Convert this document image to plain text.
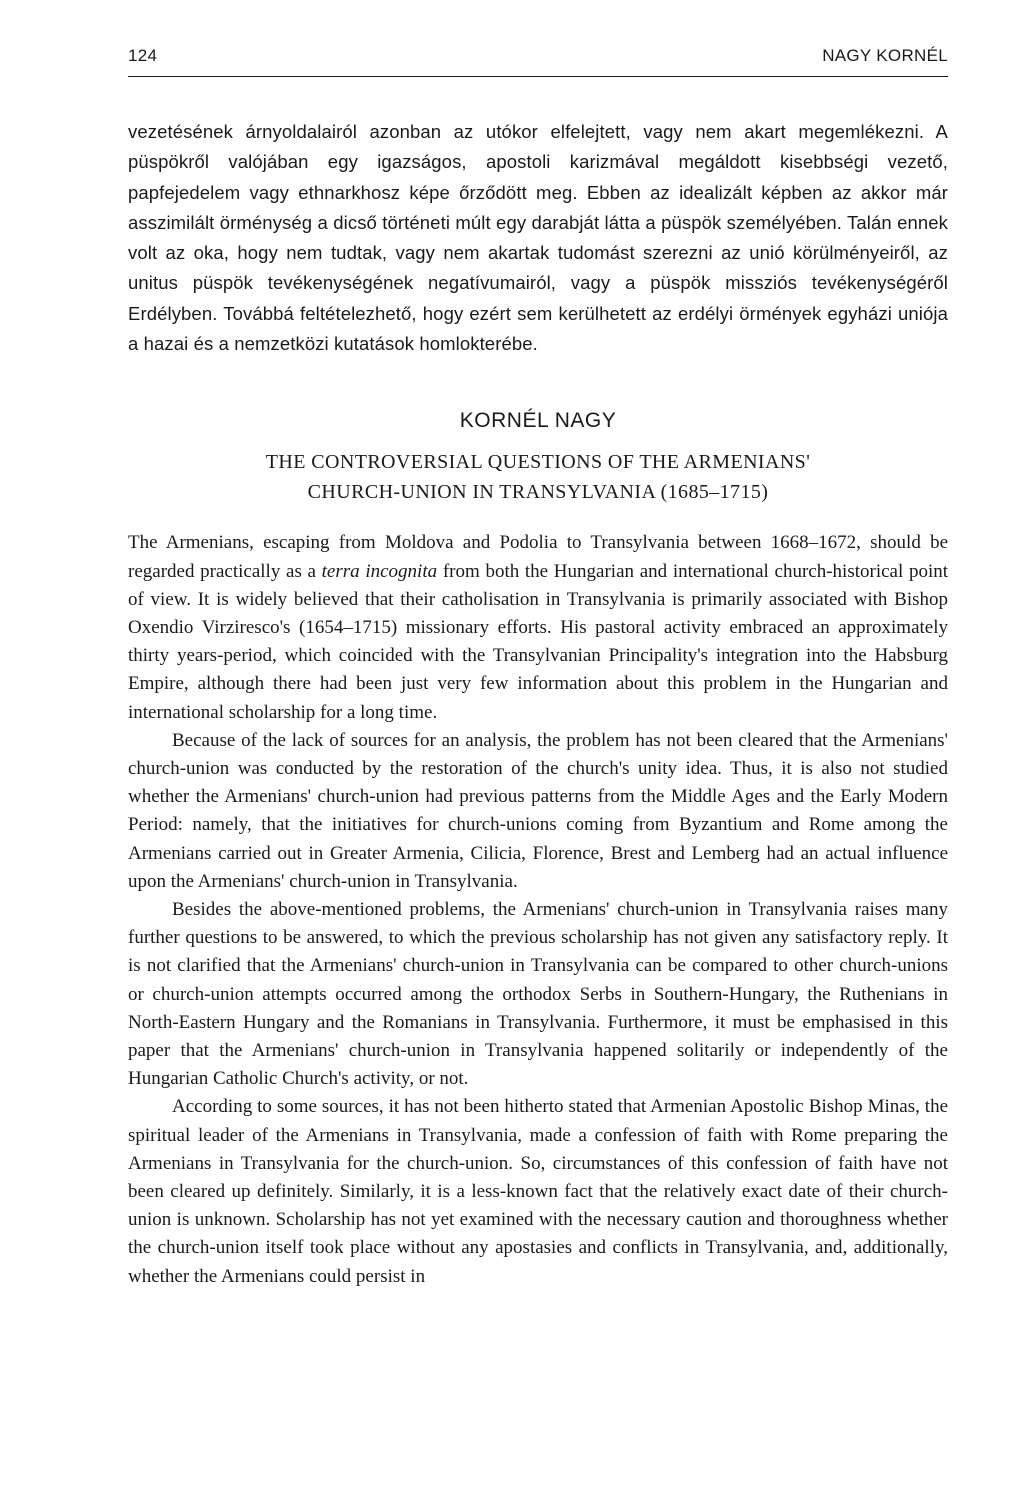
124	NAGY KORNÉL

vezetésének árnyoldalairól azonban az utókor elfelejtett, vagy nem akart megemlékezni. A püspökről valójában egy igazságos, apostoli karizmával megáldott kisebbségi vezető, papfejedelem vagy ethnarkhosz képe őrződött meg. Ebben az idealizált képben az akkor már asszimilált örménység a dicső történeti múlt egy darabját látta a püspök személyében. Talán ennek volt az oka, hogy nem tudtak, vagy nem akartak tudomást szerezni az unió körülményeiről, az unitus püspök tevékenységének negatívumairól, vagy a püspök missziós tevékenységéről Erdélyben. Továbbá feltételezhető, hogy ezért sem kerülhetett az erdélyi örmények egyházi uniója a hazai és a nemzetközi kutatások homlokterébe.

KORNÉL NAGY
THE CONTROVERSIAL QUESTIONS OF THE ARMENIANS'
CHURCH-UNION IN TRANSYLVANIA (1685–1715)

The Armenians, escaping from Moldova and Podolia to Transylvania between 1668–1672, should be regarded practically as a terra incognita from both the Hungarian and international church-historical point of view. It is widely believed that their catholisation in Transylvania is primarily associated with Bishop Oxendio Virziresco's (1654–1715) missionary efforts. His pastoral activity embraced an approximately thirty years-period, which coincided with the Transylvanian Principality's integration into the Habsburg Empire, although there had been just very few information about this problem in the Hungarian and international scholarship for a long time.

Because of the lack of sources for an analysis, the problem has not been cleared that the Armenians' church-union was conducted by the restoration of the church's unity idea. Thus, it is also not studied whether the Armenians' church-union had previous patterns from the Middle Ages and the Early Modern Period: namely, that the initiatives for church-unions coming from Byzantium and Rome among the Armenians carried out in Greater Armenia, Cilicia, Florence, Brest and Lemberg had an actual influence upon the Armenians' church-union in Transylvania.

Besides the above-mentioned problems, the Armenians' church-union in Transylvania raises many further questions to be answered, to which the previous scholarship has not given any satisfactory reply. It is not clarified that the Armenians' church-union in Transylvania can be compared to other church-unions or church-union attempts occurred among the orthodox Serbs in Southern-Hungary, the Ruthenians in North-Eastern Hungary and the Romanians in Transylvania. Furthermore, it must be emphasised in this paper that the Armenians' church-union in Transylvania happened solitarily or independently of the Hungarian Catholic Church's activity, or not.

According to some sources, it has not been hitherto stated that Armenian Apostolic Bishop Minas, the spiritual leader of the Armenians in Transylvania, made a confession of faith with Rome preparing the Armenians in Transylvania for the church-union. So, circumstances of this confession of faith have not been cleared up definitely. Similarly, it is a less-known fact that the relatively exact date of their church-union is unknown. Scholarship has not yet examined with the necessary caution and thoroughness whether the church-union itself took place without any apostasies and conflicts in Transylvania, and, additionally, whether the Armenians could persist in
